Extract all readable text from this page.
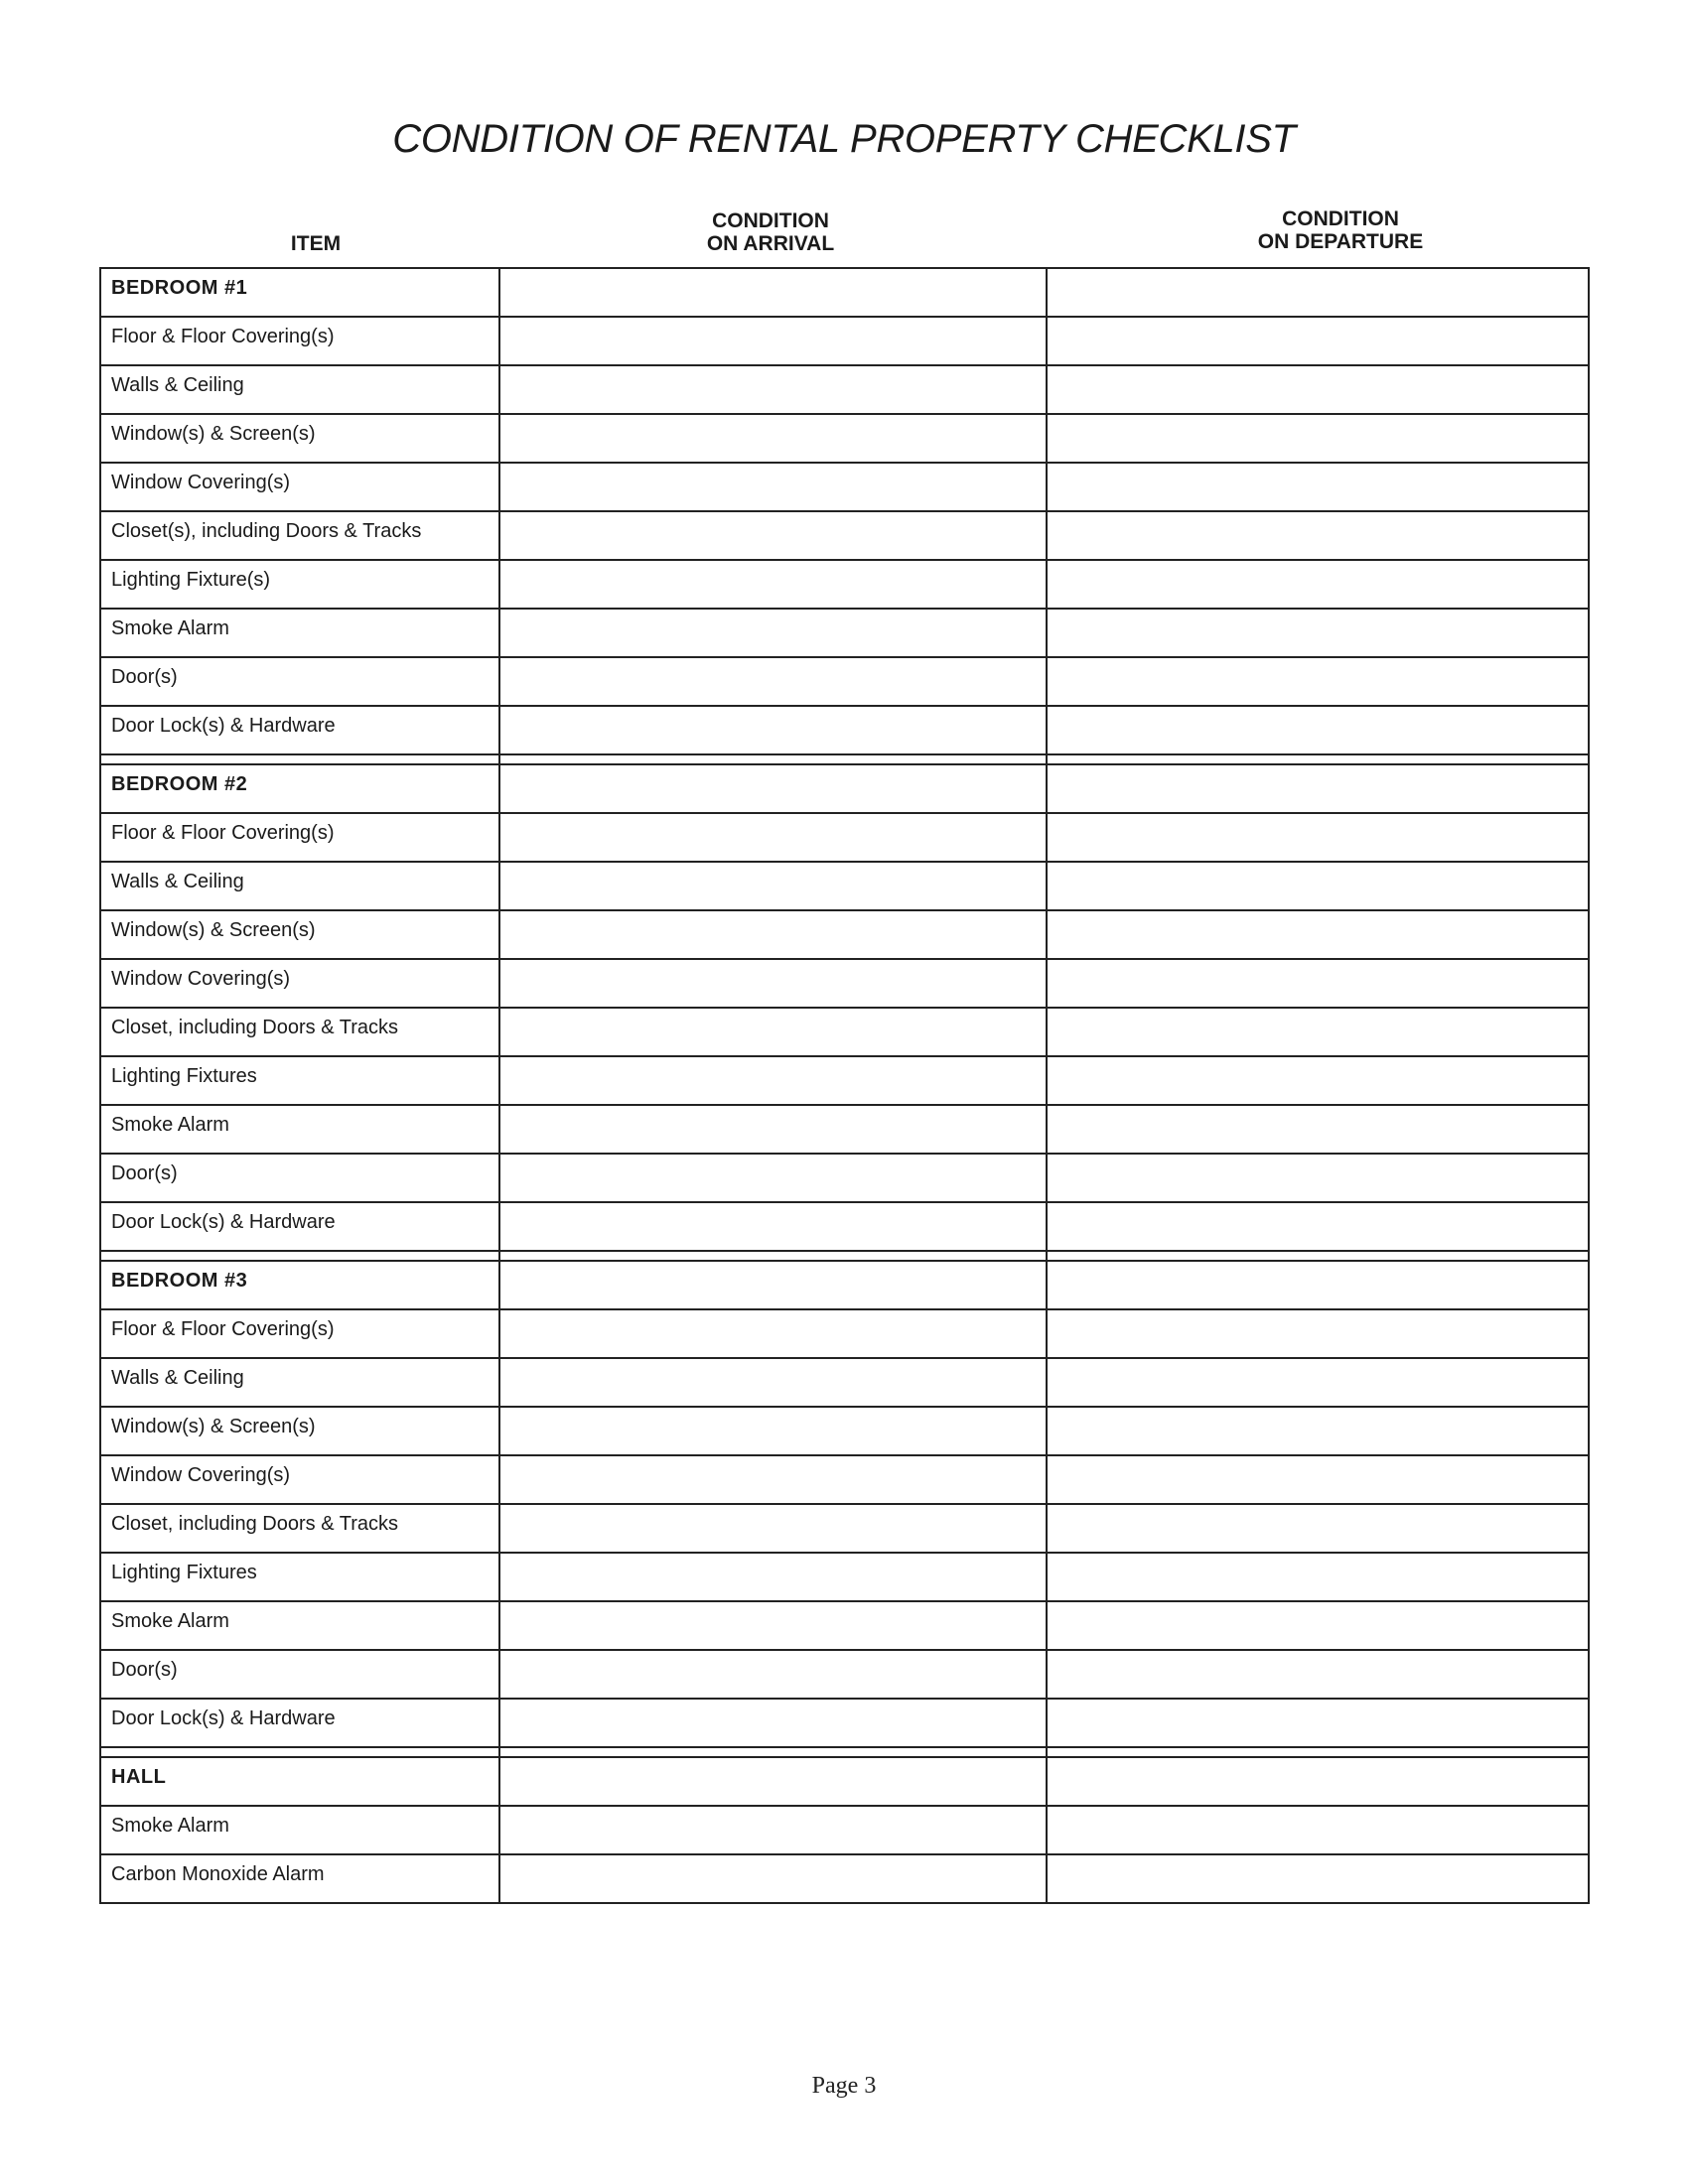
CONDITION OF RENTAL PROPERTY CHECKLIST
ITEM
CONDITION
ON ARRIVAL
CONDITION
ON DEPARTURE
BEDROOM #1
Floor & Floor Covering(s)
Walls & Ceiling
Window(s) & Screen(s)
Window Covering(s)
Closet(s), including Doors & Tracks
Lighting Fixture(s)
Smoke Alarm
Door(s)
Door Lock(s) & Hardware
BEDROOM #2
Floor & Floor Covering(s)
Walls & Ceiling
Window(s) & Screen(s)
Window Covering(s)
Closet, including Doors & Tracks
Lighting Fixtures
Smoke Alarm
Door(s)
Door Lock(s) & Hardware
BEDROOM #3
Floor & Floor Covering(s)
Walls & Ceiling
Window(s) & Screen(s)
Window Covering(s)
Closet, including Doors & Tracks
Lighting Fixtures
Smoke Alarm
Door(s)
Door Lock(s) & Hardware
HALL
Smoke Alarm
Carbon Monoxide Alarm
Page 3
